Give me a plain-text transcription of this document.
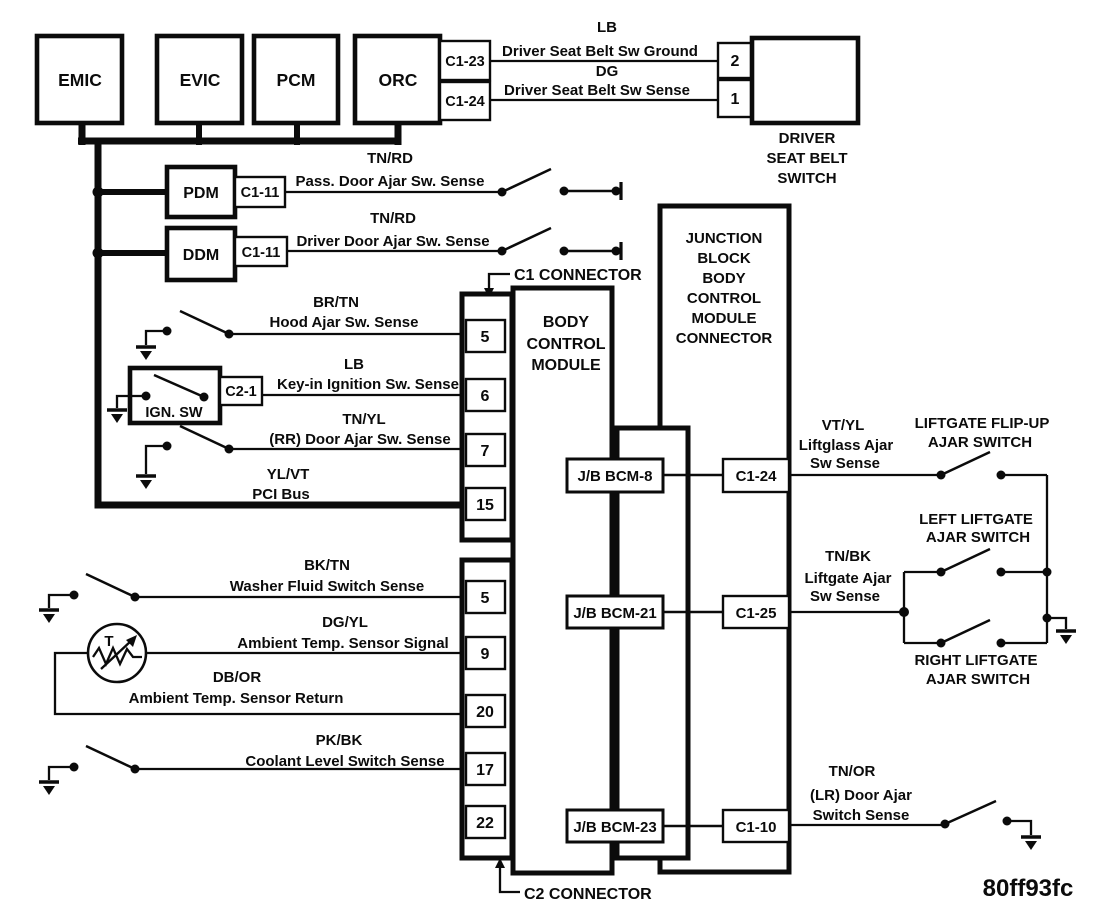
EMIC	EVIC	PCM	ORC
C1-23
C1-24
LB
Driver Seat Belt Sw Ground
DG
Driver Seat Belt Sw Sense
2
1
DRIVER
SEAT BELT
SWITCH
PDM C1-11
TN/RD
Pass. Door Ajar Sw. Sense
DDM C1-11
TN/RD
Driver Door Ajar Sw. Sense
C1 CONNECTOR
5
6
7
15
BR/TN
Hood Ajar Sw. Sense
IGN. SW
C2-1
LB
Key-in Ignition Sw. Sense
TN/YL
(RR) Door Ajar Sw. Sense
YL/VT
PCI Bus
5
9
20
17
22
BK/TN
Washer Fluid Switch Sense
T
DG/YL
Ambient Temp. Sensor Signal
DB/OR
Ambient Temp. Sensor Return
PK/BK
Coolant Level Switch Sense
C2 CONNECTOR
JUNCTION
BLOCK
BODY
CONTROL
MODULE
CONNECTOR
BODY
CONTROL
MODULE
J/B BCM-8	C1-24
J/B BCM-21	C1-25
J/B BCM-23	C1-10
VT/YL
Liftglass Ajar
Sw Sense
LIFTGATE FLIP-UP
AJAR SWITCH
TN/BK
Liftgate Ajar
Sw Sense
LEFT LIFTGATE
AJAR SWITCH
RIGHT LIFTGATE
AJAR SWITCH
TN/OR
(LR) Door Ajar
Switch Sense
80ff93fc
